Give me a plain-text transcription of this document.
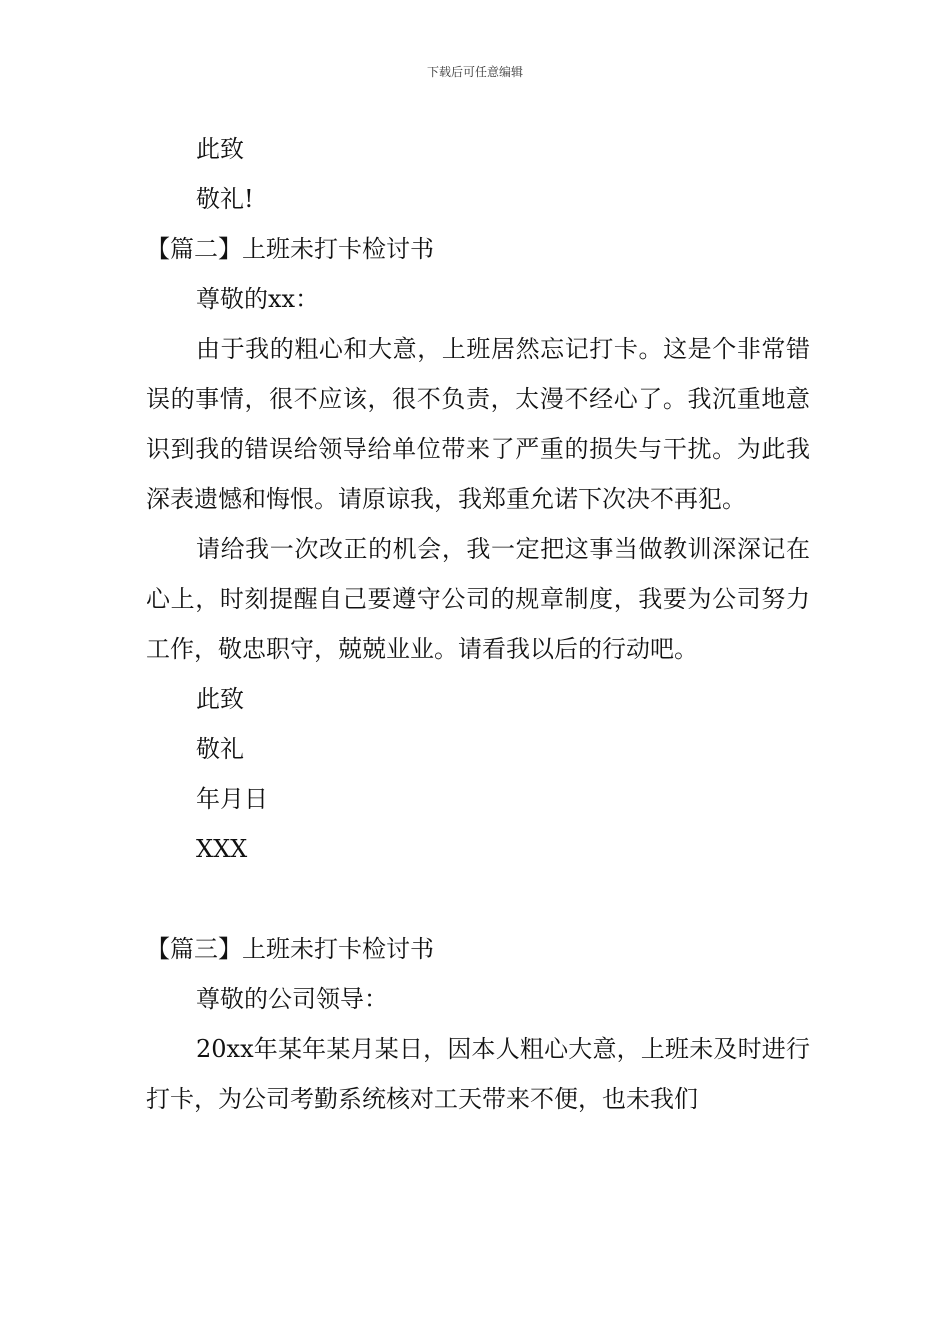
下载后可任意编辑
此致
敬礼!
【篇二】上班未打卡检讨书
尊敬的xx：
由于我的粗心和大意，上班居然忘记打卡。这是个非常错误的事情，很不应该，很不负责，太漫不经心了。我沉重地意识到我的错误给领导给单位带来了严重的损失与干扰。为此我深表遗憾和悔恨。请原谅我，我郑重允诺下次决不再犯。
请给我一次改正的机会，我一定把这事当做教训深深记在心上，时刻提醒自己要遵守公司的规章制度，我要为公司努力工作，敬忠职守，兢兢业业。请看我以后的行动吧。
此致
敬礼
年月日
XXX
【篇三】上班未打卡检讨书
尊敬的公司领导：
20xx年某年某月某日，因本人粗心大意，上班未及时进行打卡，为公司考勤系统核对工天带来不便，也未我们
